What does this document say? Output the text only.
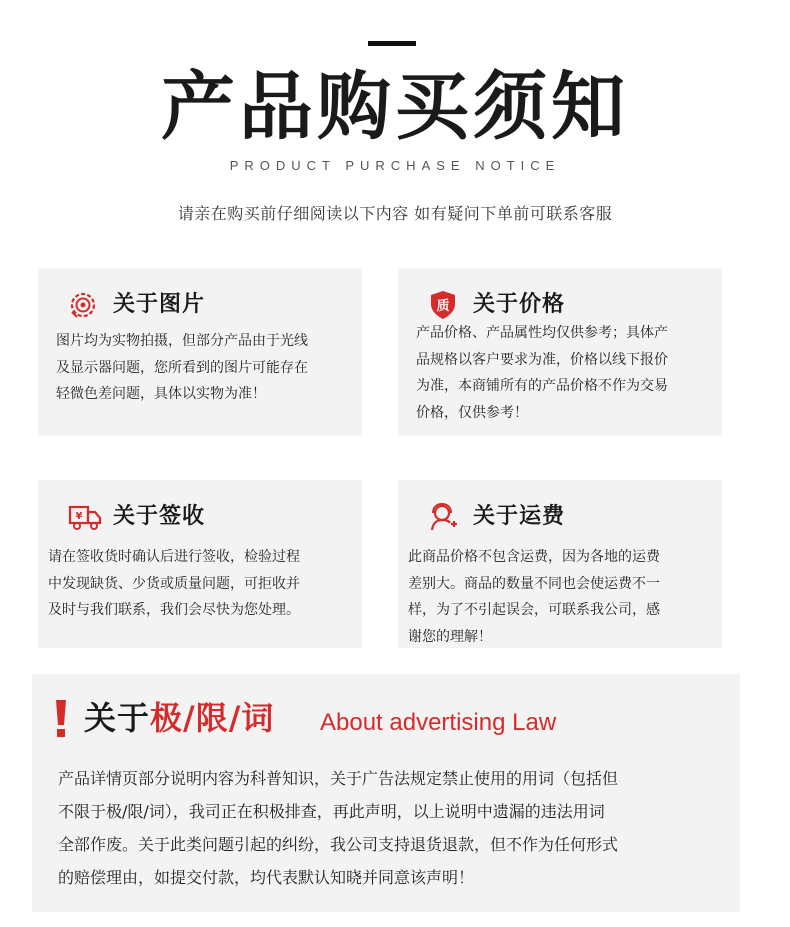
产品购买须知
PRODUCT PURCHASE NOTICE
请亲在购买前仔细阅读以下内容 如有疑问下单前可联系客服
关于图片
图片均为实物拍摄，但部分产品由于光线
及显示器问题，您所看到的图片可能存在
轻微色差问题，具体以实物为准！
质 关于价格
产品价格、产品属性均仅供参考；具体产
品规格以客户要求为准，价格以线下报价
为准，本商铺所有的产品价格不作为交易
价格，仅供参考！
¥ 关于签收
请在签收货时确认后进行签收，检验过程
中发现缺货、少货或质量问题，可拒收并
及时与我们联系，我们会尽快为您处理。
关于运费
此商品价格不包含运费，因为各地的运费
差别大。商品的数量不同也会使运费不一
样，为了不引起误会，可联系我公司，感
谢您的理解！
关于极/限/词 About advertising Law
产品详情页部分说明内容为科普知识，关于广告法规定禁止使用的用词（包括但
不限于极/限/词），我司正在积极排查，再此声明，以上说明中遗漏的违法用词
全部作废。关于此类问题引起的纠纷，我公司支持退货退款，但不作为任何形式
的赔偿理由，如提交付款，均代表默认知晓并同意该声明！
